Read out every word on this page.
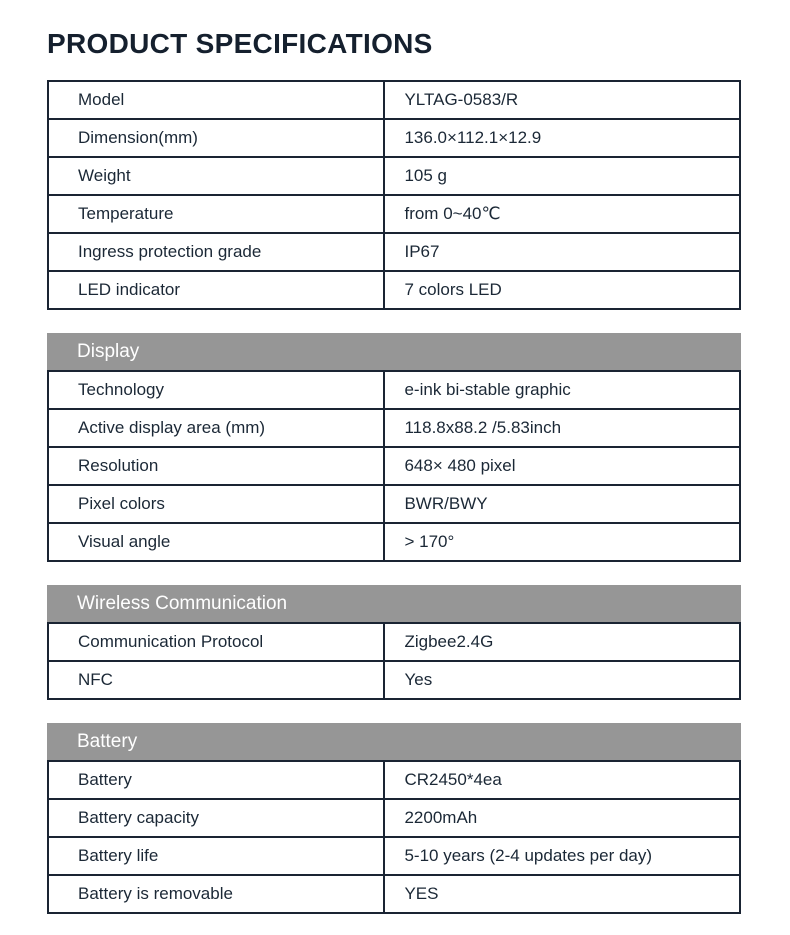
PRODUCT SPECIFICATIONS
Model	YLTAG-0583/R
Dimension(mm)	136.0×112.1×12.9
Weight	105 g
Temperature	from 0~40℃
Ingress protection grade	IP67
LED indicator	7 colors LED
Display
Technology	e-ink bi-stable graphic
Active display area (mm)	118.8x88.2 /5.83inch
Resolution	648× 480 pixel
Pixel colors	BWR/BWY
Visual angle	> 170°
Wireless Communication
Communication Protocol	Zigbee2.4G
NFC	Yes
Battery
Battery	CR2450*4ea
Battery capacity	2200mAh
Battery life	5-10 years (2-4 updates per day)
Battery is removable	YES
